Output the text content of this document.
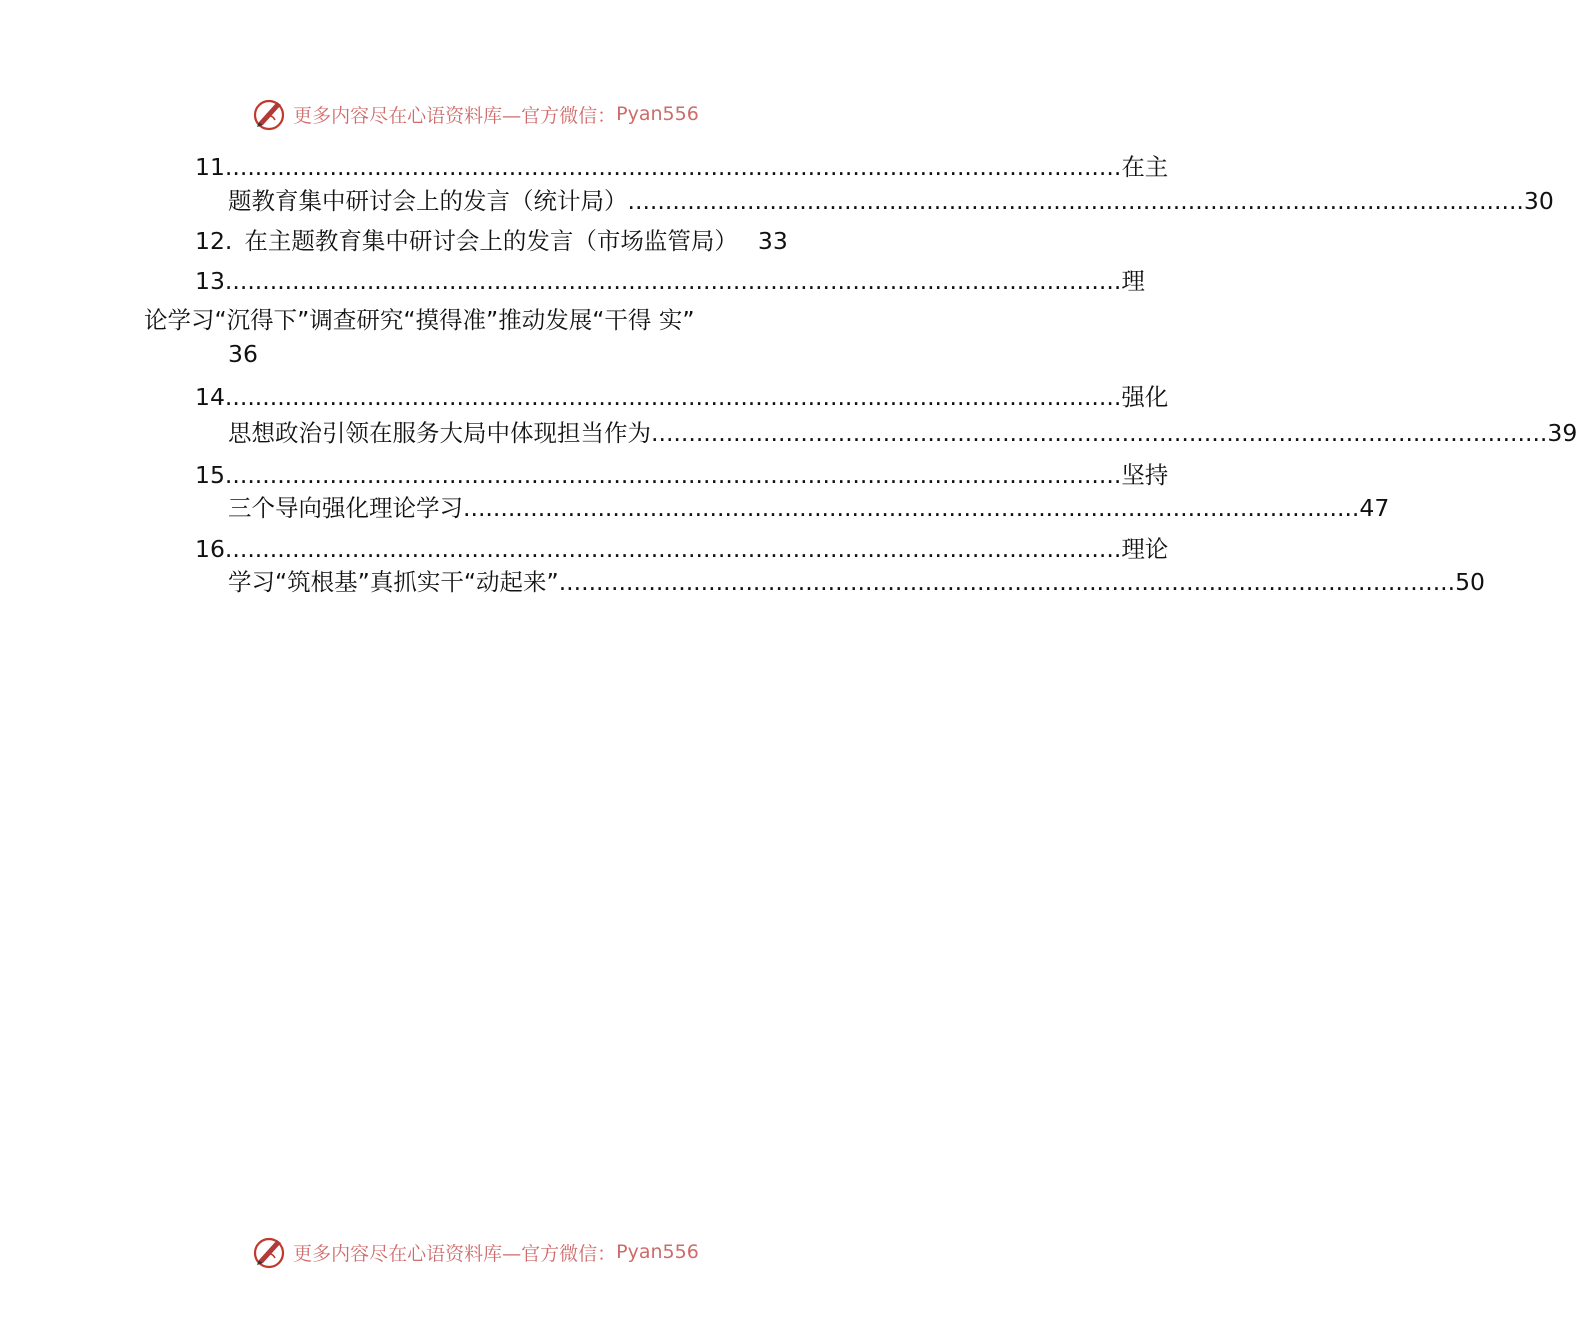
更多内容尽在心语资料库—官方微信： Pyan556
11 ........................................................................................................................ 在主
题教育集中研讨会上的发言（统计局） ........................................................................................................................ 30
12. 在主题教育集中研讨会上的发言（市场监管局） 33
13 ........................................................................................................................ 理
论学习“沉得下”调查研究“摸得准”推动发展“干得 实”
36
14 ........................................................................................................................ 强化
思想政治引领在服务大局中体现担当作为 ........................................................................................................................ 39
15 ........................................................................................................................ 坚持
三个导向强化理论学习 ........................................................................................................................ 47
16 ........................................................................................................................ 理论
学习“筑根基”真抓实干“动起来” ........................................................................................................................ 50
更多内容尽在心语资料库—官方微信： Pyan556
